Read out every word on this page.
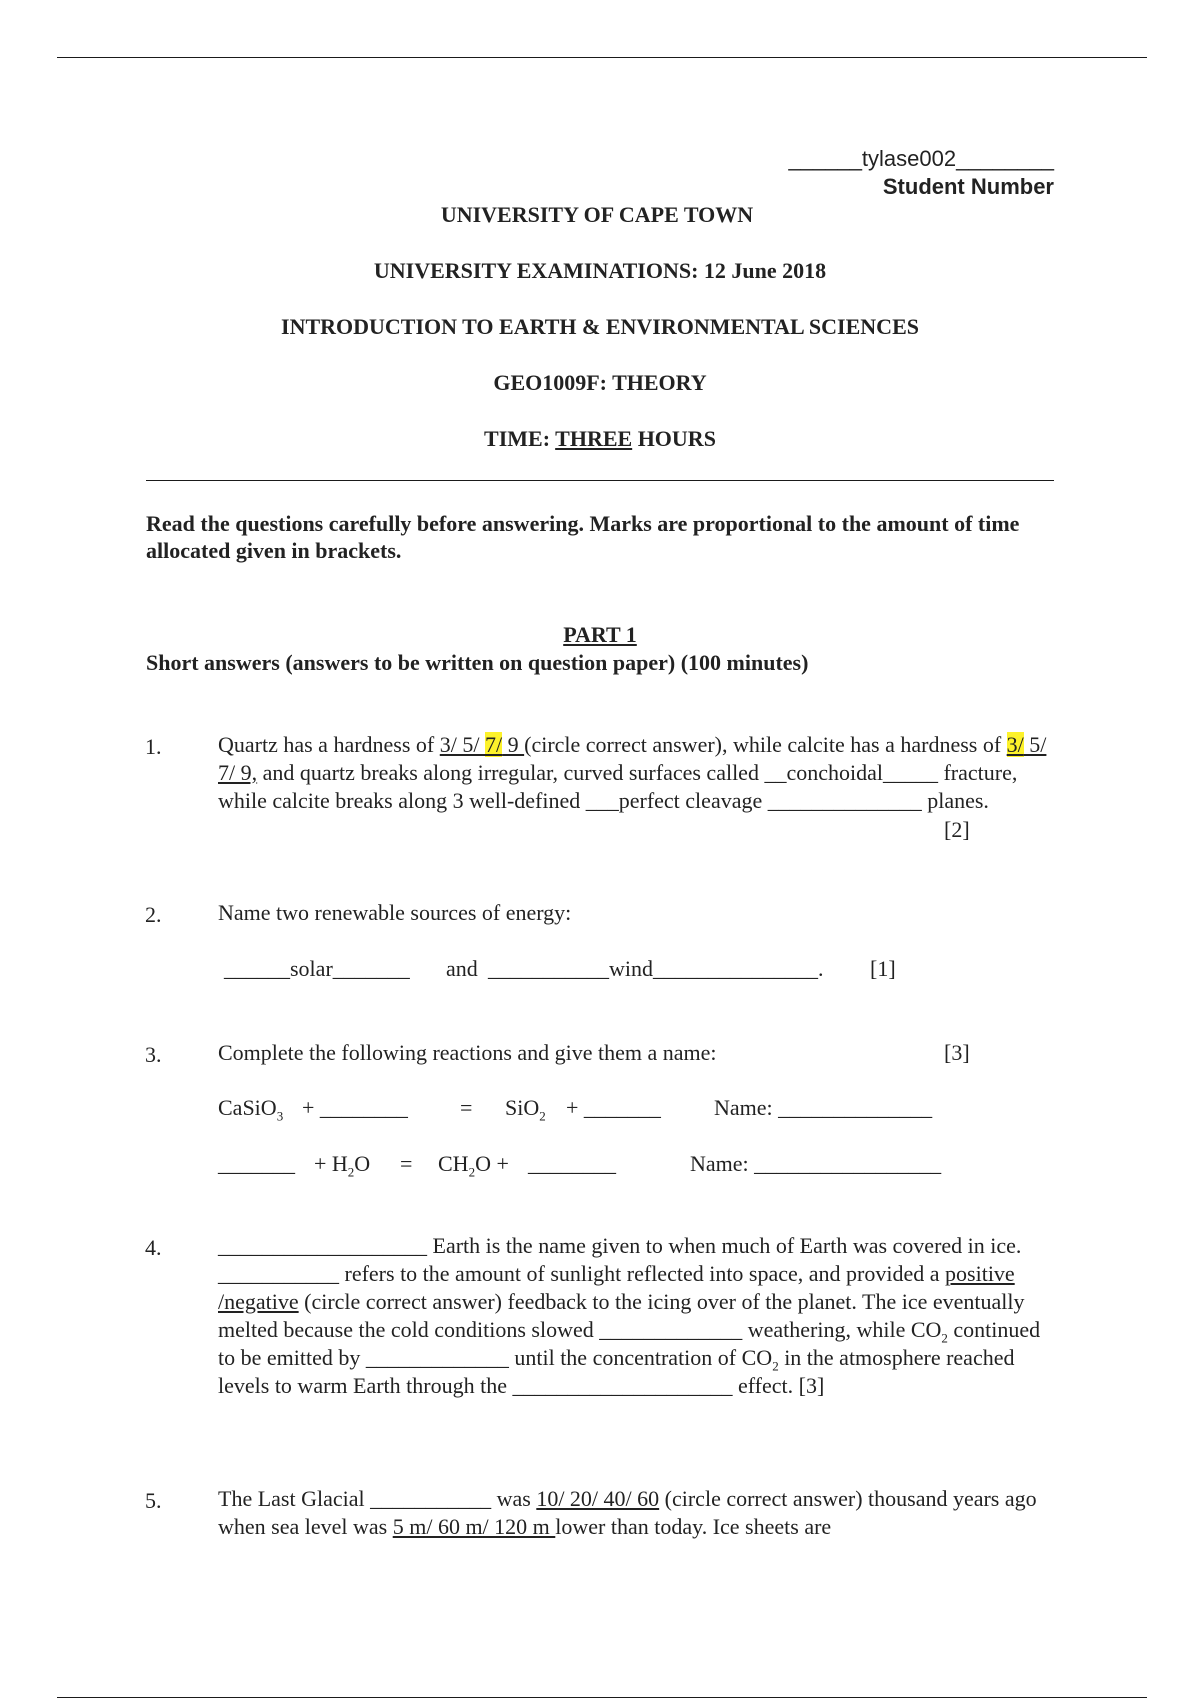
______tylase002________
Student Number
UNIVERSITY OF CAPE TOWN
UNIVERSITY EXAMINATIONS: 12 June 2018
INTRODUCTION TO EARTH & ENVIRONMENTAL SCIENCES
GEO1009F: THEORY
TIME: THREE HOURS
Read the questions carefully before answering. Marks are proportional to the amount of time allocated given in brackets.
PART 1
Short answers (answers to be written on question paper) (100 minutes)
1.	Quartz has a hardness of 3/ 5/ 7/ 9 (circle correct answer), while calcite has a hardness of 3/ 5/ 7/ 9, and quartz breaks along irregular, curved surfaces called __conchoidal_____ fracture, while calcite breaks along 3 well-defined ___perfect cleavage ______________ planes.
[2]
2.	Name two renewable sources of energy:
______solar_______ and ___________wind_______________. [1]
3.	Complete the following reactions and give them a name:	[3]
CaSiO$_3$ + ________ = SiO$_2$ + _______ Name: ______________
_______ + $H_2O = CH_2O$ + ________	Name: _________________
4.	___________________ Earth is the name given to when much of Earth was covered in ice. ___________ refers to the amount of sunlight reflected into space, and provided a positive /negative (circle correct answer) feedback to the icing over of the planet. The ice eventually melted because the cold conditions slowed _____________ weathering, while $CO_2$ continued to be emitted by _____________ until the concentration of $CO_2$ in the atmosphere reached levels to warm Earth through the ____________________ effect. [3]
5.	The Last Glacial ___________ was 10/ 20/ 40/ 60 (circle correct answer) thousand years ago when sea level was 5 m/ 60 m/ 120 m lower than today. Ice sheets are
